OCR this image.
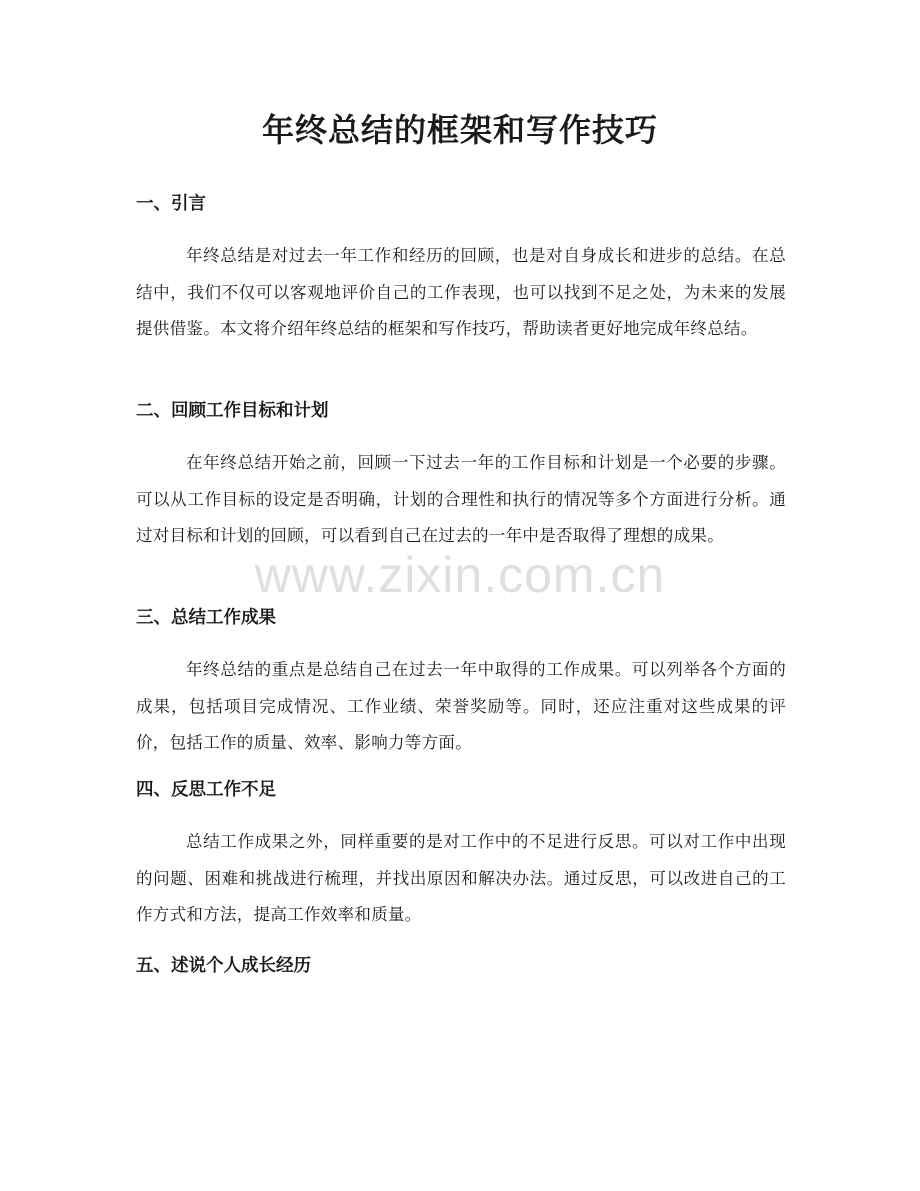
年终总结的框架和写作技巧
一、引言

年终总结是对过去一年工作和经历的回顾，也是对自身成长和进步的总结。在总结中，我们不仅可以客观地评价自己的工作表现，也可以找到不足之处，为未来的发展提供借鉴。本文将介绍年终总结的框架和写作技巧，帮助读者更好地完成年终总结。

二、回顾工作目标和计划

在年终总结开始之前，回顾一下过去一年的工作目标和计划是一个必要的步骤。可以从工作目标的设定是否明确，计划的合理性和执行的情况等多个方面进行分析。通过对目标和计划的回顾，可以看到自己在过去的一年中是否取得了理想的成果。

三、总结工作成果

年终总结的重点是总结自己在过去一年中取得的工作成果。可以列举各个方面的成果，包括项目完成情况、工作业绩、荣誉奖励等。同时，还应注重对这些成果的评价，包括工作的质量、效率、影响力等方面。

四、反思工作不足

总结工作成果之外，同样重要的是对工作中的不足进行反思。可以对工作中出现的问题、困难和挑战进行梳理，并找出原因和解决办法。通过反思，可以改进自己的工作方式和方法，提高工作效率和质量。

五、述说个人成长经历
www.zixin.com.cn
